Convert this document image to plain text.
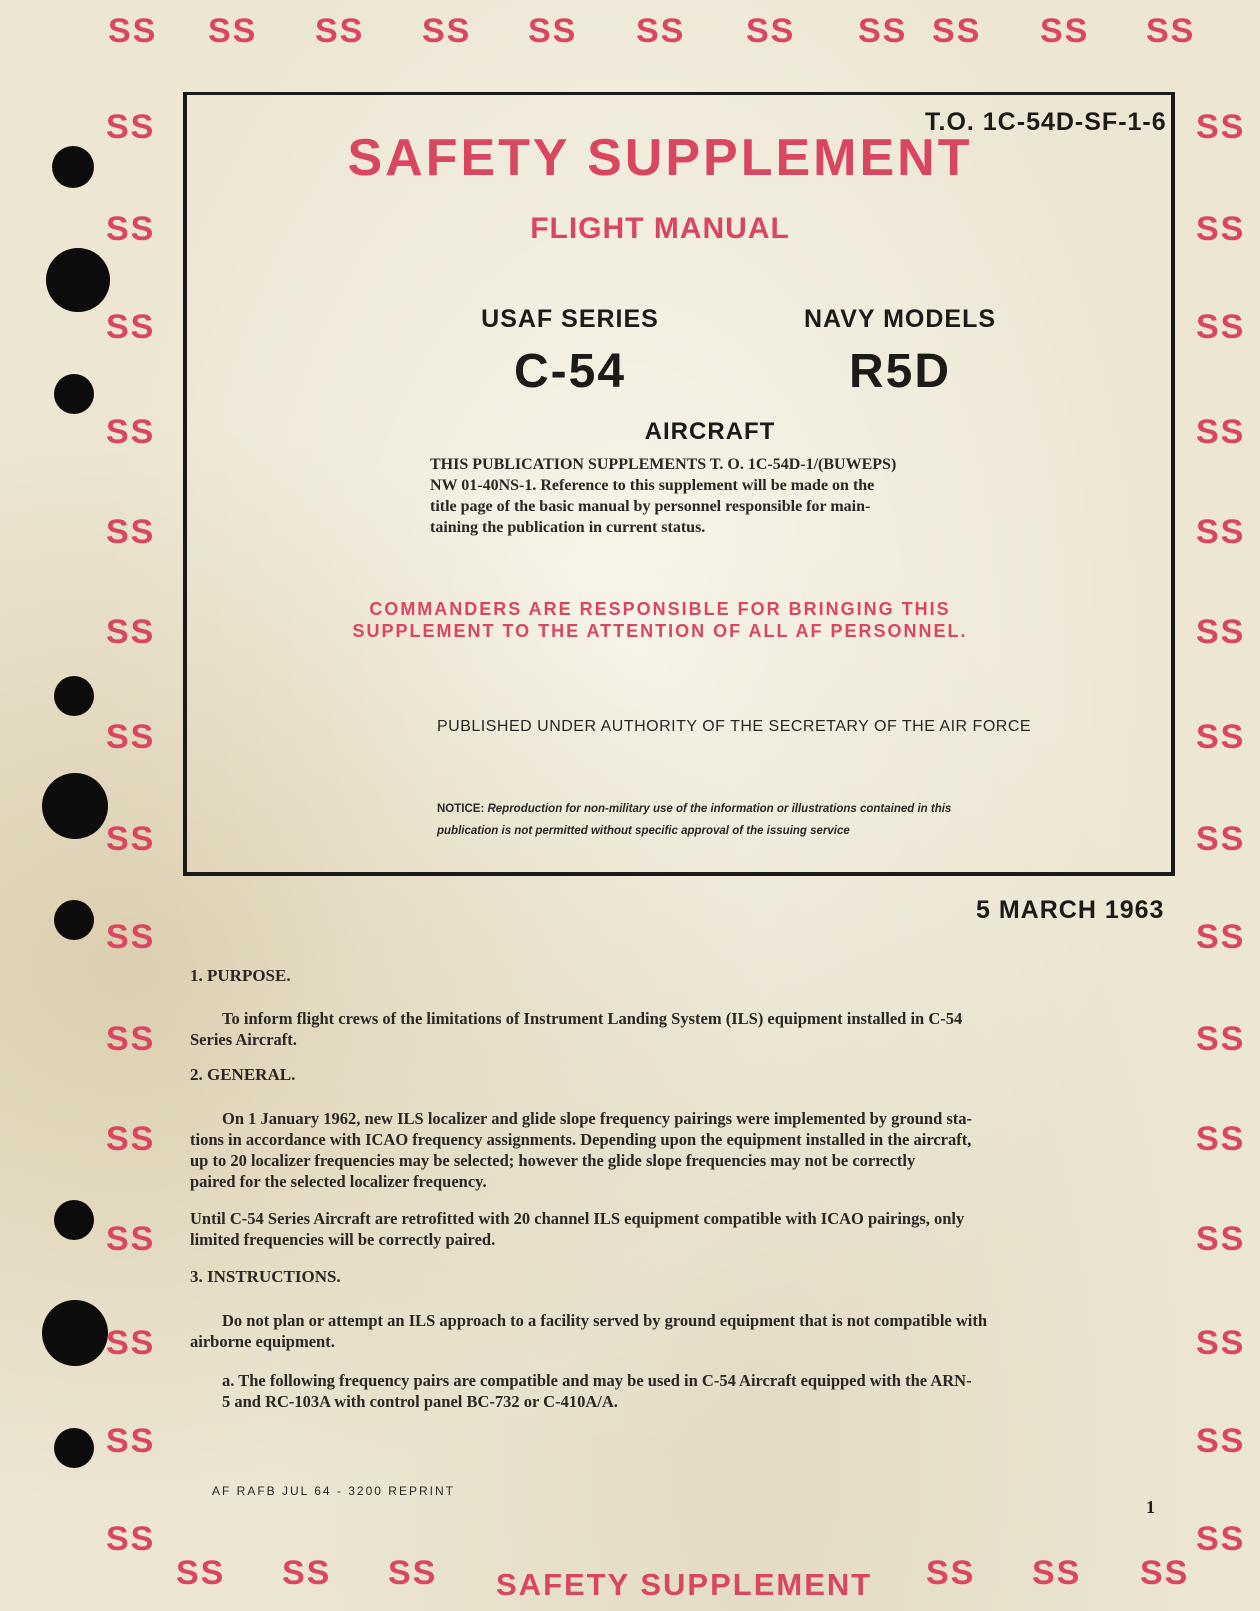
SS SS SS SS	SS SS SS SS SS SS
SS
SS
SS
SS
SS
SS
SS
SS
SS
SS
SS
SS
SS
SS
SS
SS
SS
SS
SS
SS
SS
SS
SS
SS
SS
SS
SS
SS
SS
SS
SS
SS SS SS	SS SS SS
T.O. 1C-54D-SF-1-6
SAFETY SUPPLEMENT
FLIGHT MANUAL
USAF SERIES
C-54
NAVY MODELS
R5D
AIRCRAFT
THIS PUBLICATION SUPPLEMENTS T. O. 1C-54D-1/(BUWEPS)
NW 01-40NS-1. Reference to this supplement will be made on the
title page of the basic manual by personnel responsible for main-
taining the publication in current status.
COMMANDERS ARE RESPONSIBLE FOR BRINGING THIS
SUPPLEMENT TO THE ATTENTION OF ALL AF PERSONNEL.
PUBLISHED UNDER AUTHORITY OF THE SECRETARY OF THE AIR FORCE
NOTICE: Reproduction for non-military use of the information or illustrations contained in this
publication is not permitted without specific approval of the issuing service
5 MARCH 1963
1. PURPOSE.
To inform flight crews of the limitations of Instrument Landing System (ILS) equipment installed in C-54
Series Aircraft.
2. GENERAL.
On 1 January 1962, new ILS localizer and glide slope frequency pairings were implemented by ground sta-
tions in accordance with ICAO frequency assignments. Depending upon the equipment installed in the aircraft,
up to 20 localizer frequencies may be selected; however the glide slope frequencies may not be correctly
paired for the selected localizer frequency.
Until C-54 Series Aircraft are retrofitted with 20 channel ILS equipment compatible with ICAO pairings, only
limited frequencies will be correctly paired.
3. INSTRUCTIONS.
Do not plan or attempt an ILS approach to a facility served by ground equipment that is not compatible with
airborne equipment.
a. The following frequency pairs are compatible and may be used in C-54 Aircraft equipped with the ARN-
5 and RC-103A with control panel BC-732 or C-410A/A.
AF RAFB JUL 64 - 3200 REPRINT
1
SAFETY SUPPLEMENT
